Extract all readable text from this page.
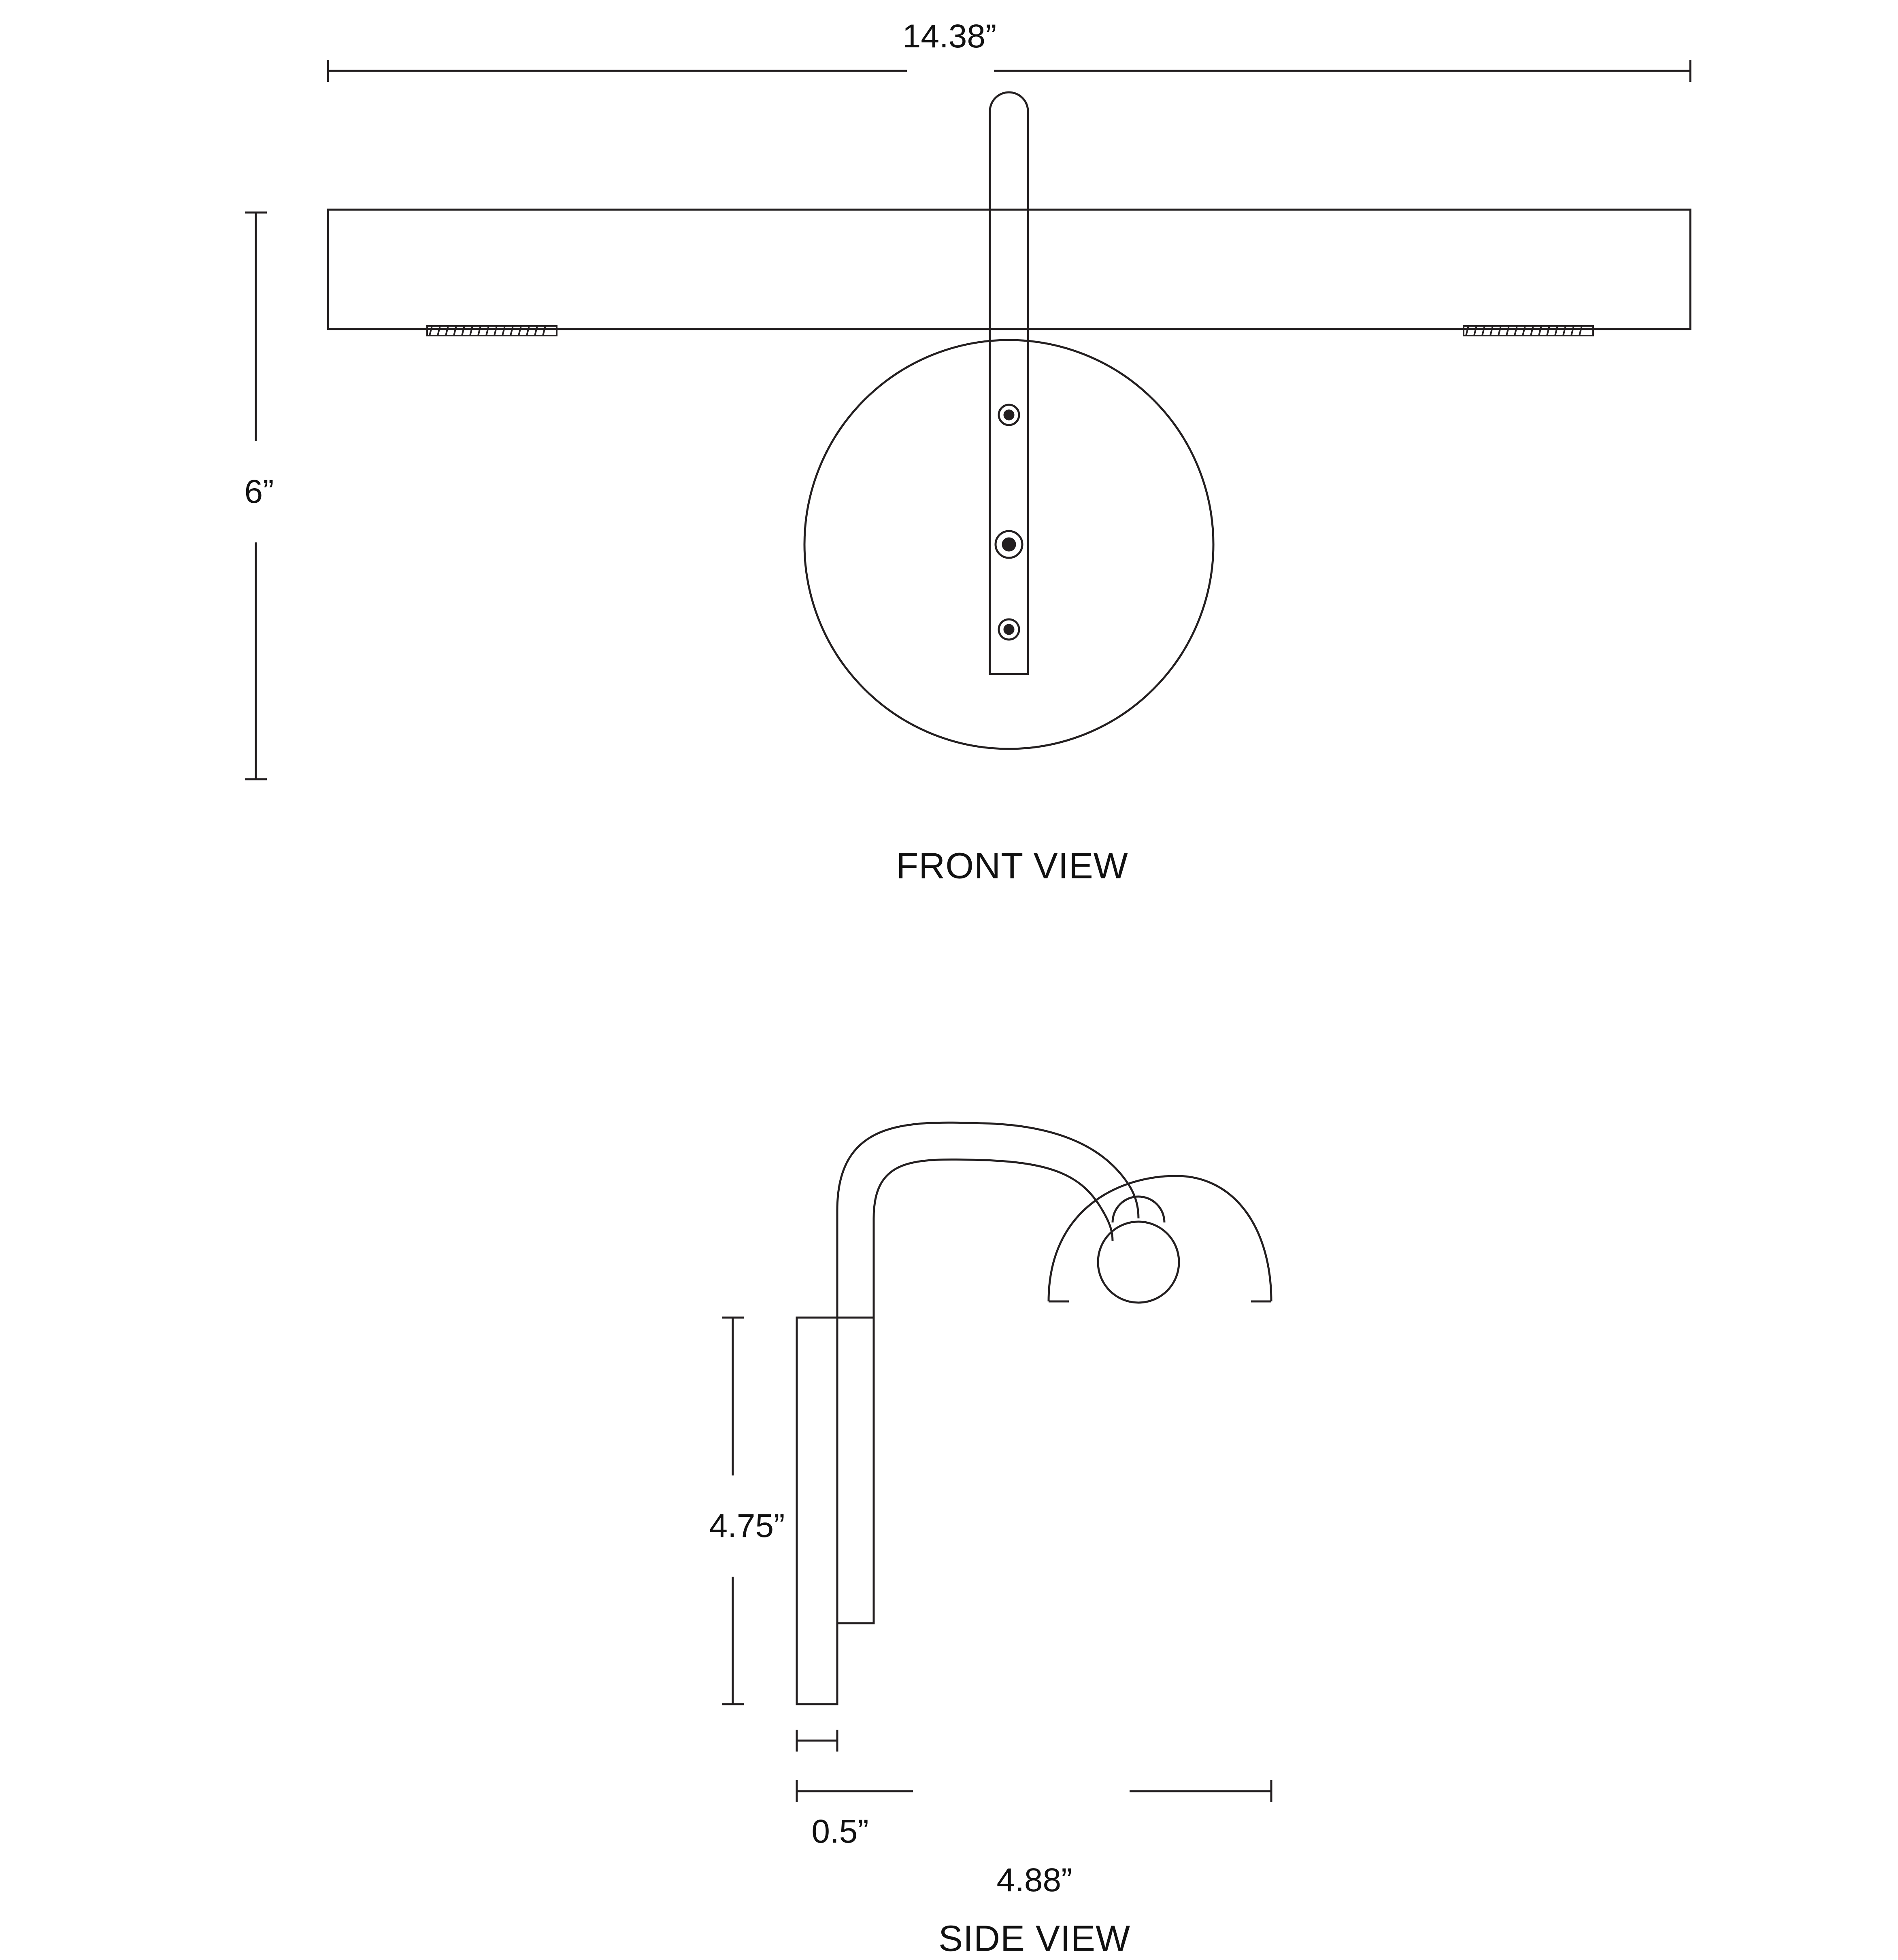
14.38”
6”
FRONT VIEW
4.75”
0.5”
4.88”
SIDE VIEW
